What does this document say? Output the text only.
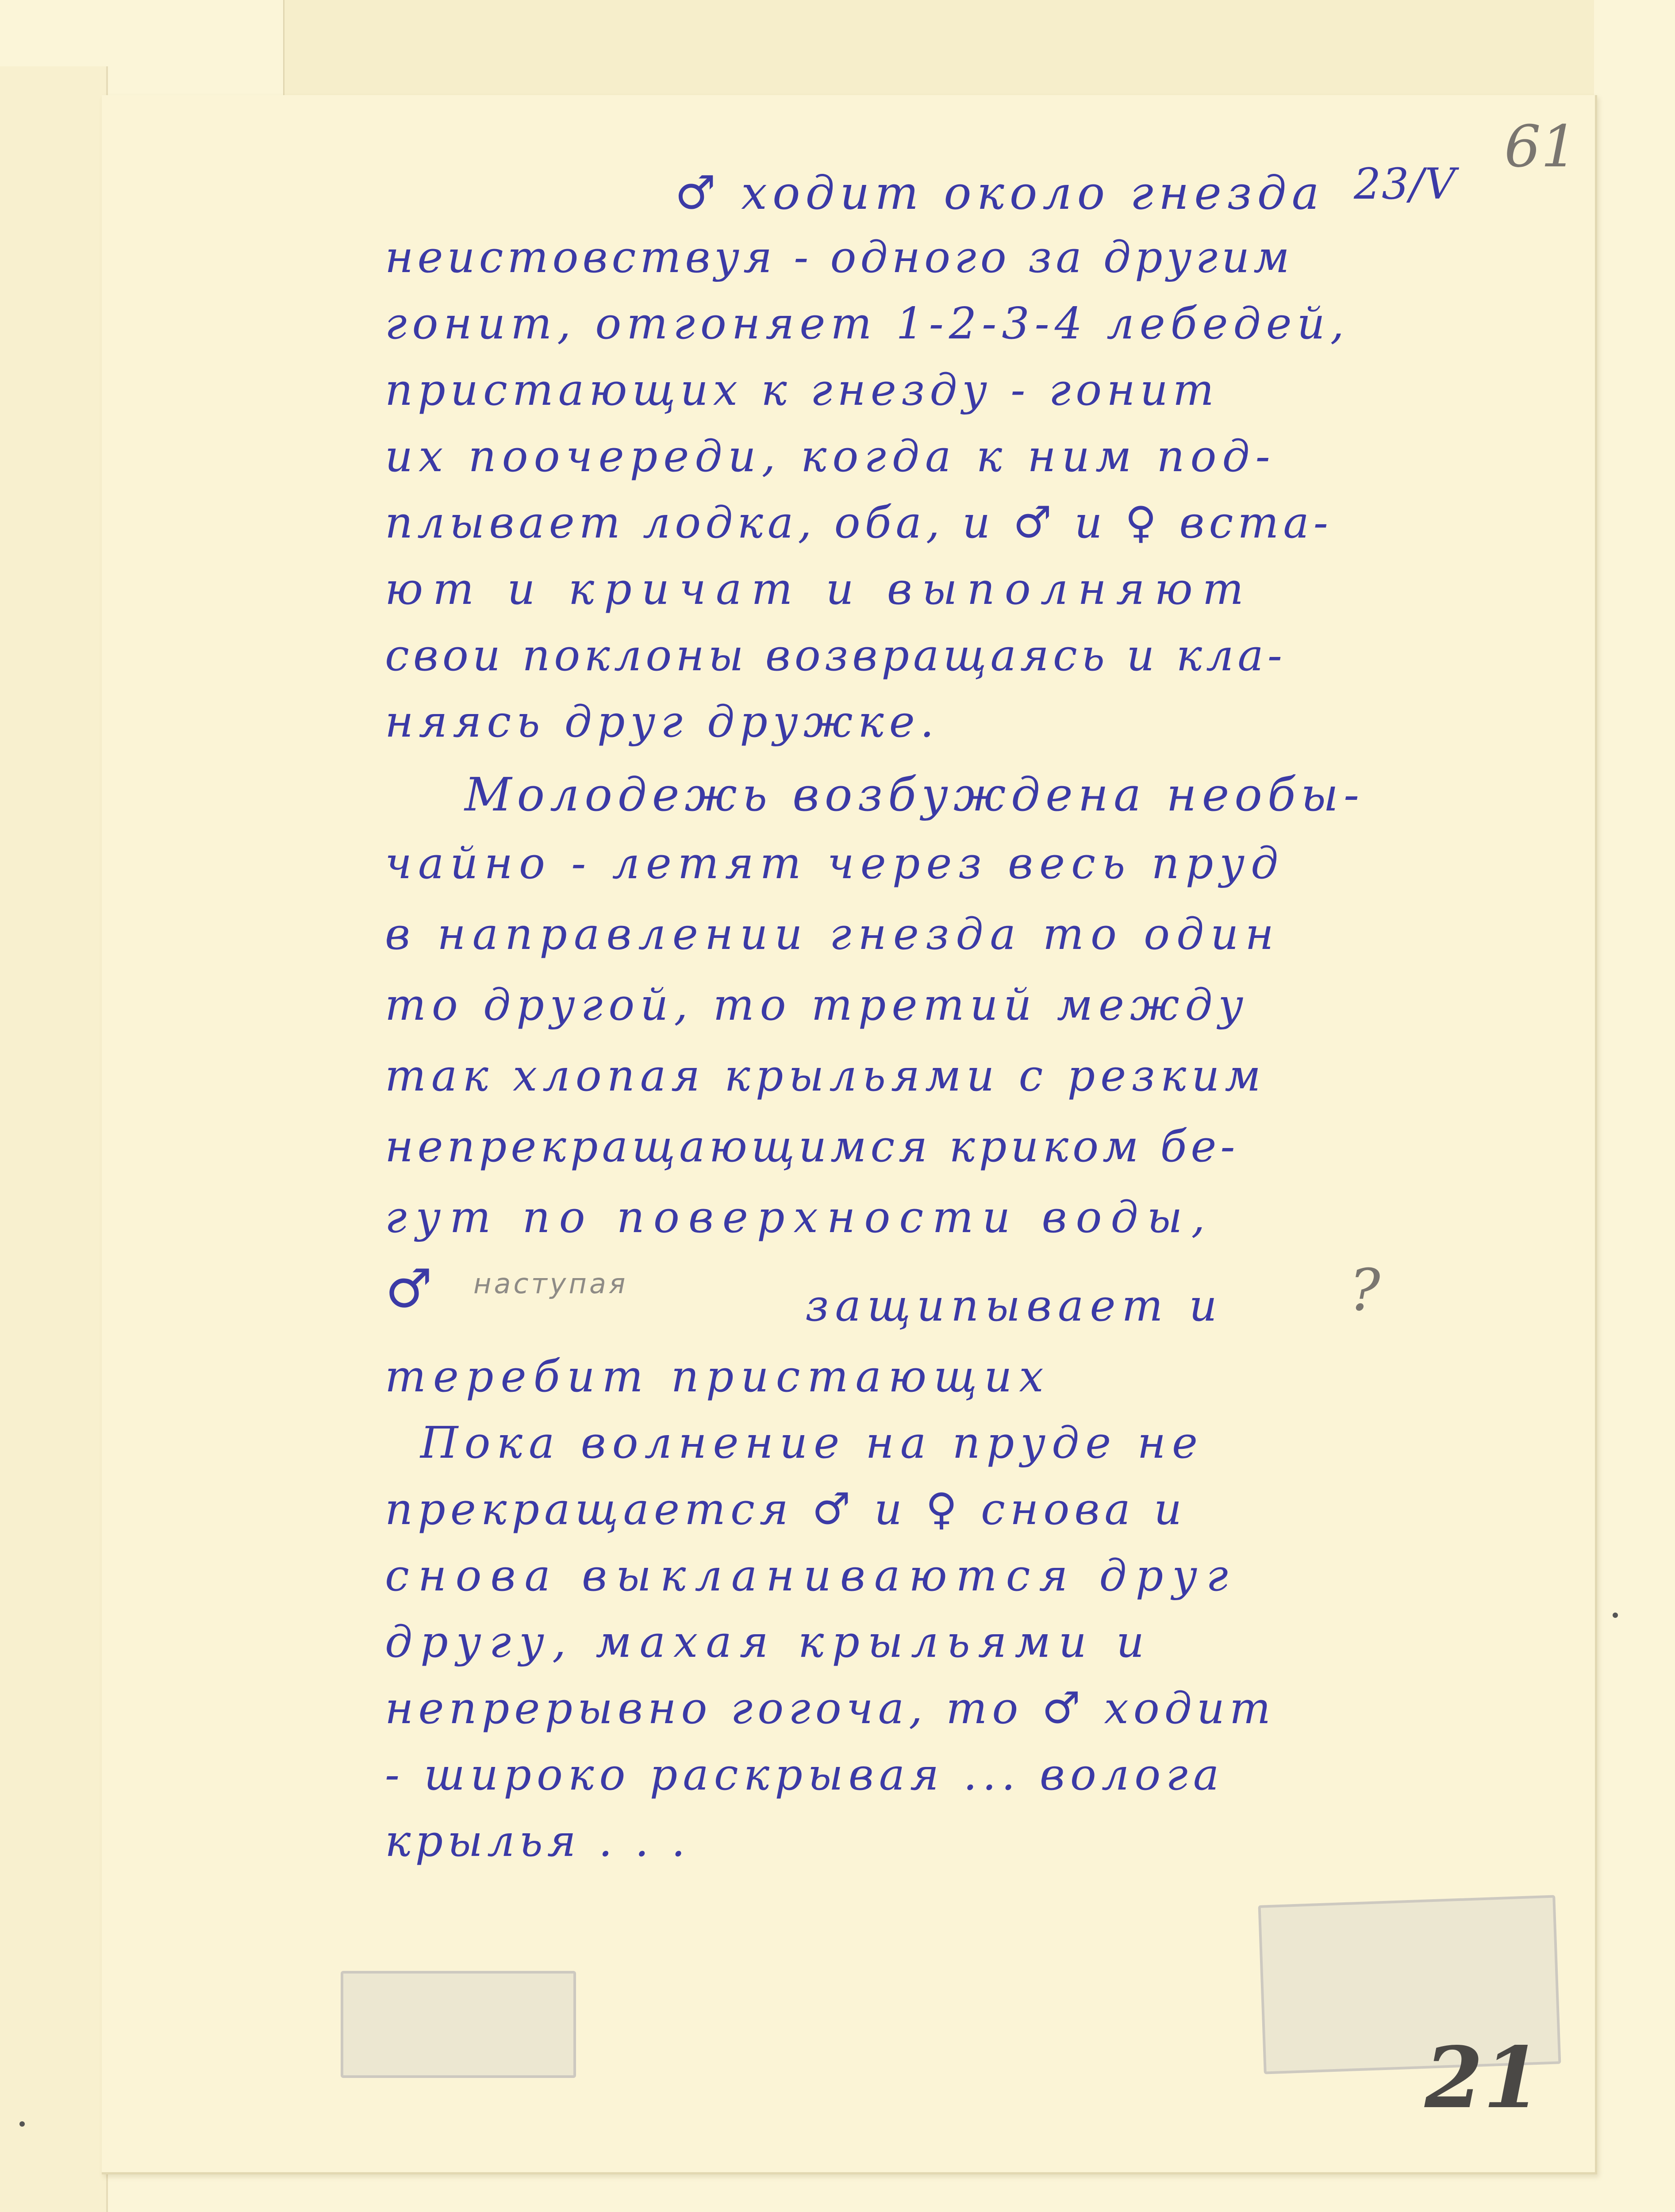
61
23/V
♂ ходит около гнезда
неистовствуя - одного за другим
гонит, отгоняет 1-2-3-4 лебедей,
пристающих к гнезду - гонит
их поочереди, когда к ним под-
плывает лодка, оба, и ♂ и ♀ вста-
ют и кричат и выполняют
свои поклоны возвращаясь и кла-
няясь друг дружке.
Молодежь возбуждена необы-
чайно - летят через весь пруд
в направлении гнезда то один
то другой, то третий между
так хлопая крыльями с резким
непрекращающимся криком бе-
гут по поверхности воды,
♂ наступая	защипывает и ?
теребит пристающих
Пока волнение на пруде не
прекращается ♂ и ♀ снова и
снова выкланиваются друг
другу, махая крыльями и
непрерывно гогоча, то ♂ ходит
- широко раскрывая ... волога
крылья . . .
21
